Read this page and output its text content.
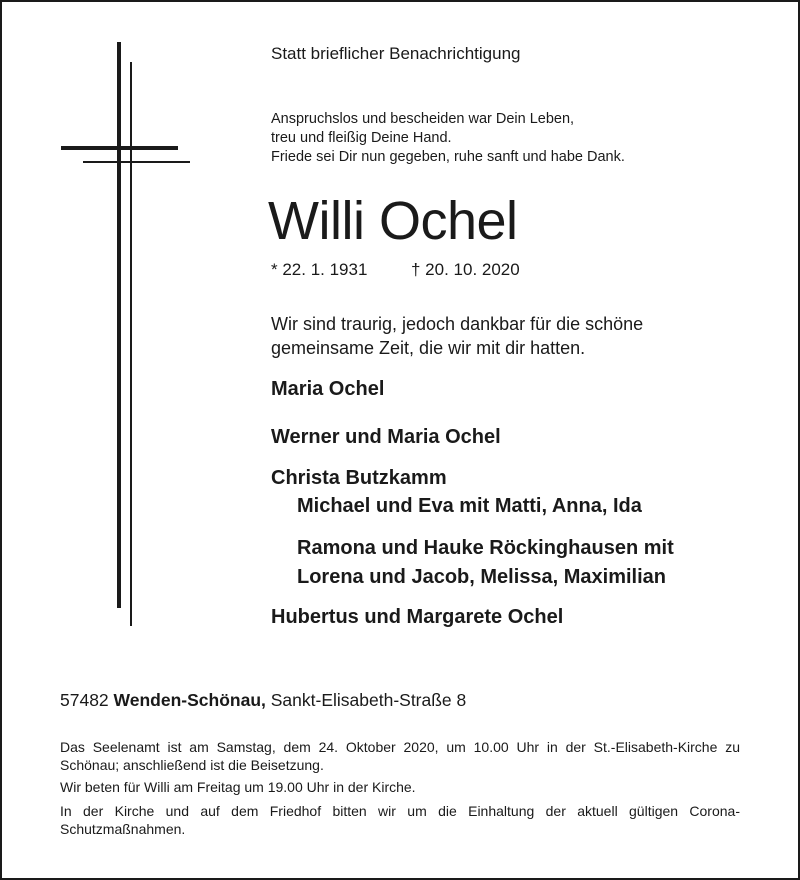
Statt brieflicher Benachrichtigung
Anspruchslos und bescheiden war Dein Leben,
treu und fleißig Deine Hand.
Friede sei Dir nun gegeben, ruhe sanft und habe Dank.
Willi Ochel
* 22. 1. 1931	† 20. 10. 2020
Wir sind traurig, jedoch dankbar für die schöne
gemeinsame Zeit, die wir mit dir hatten.
Maria Ochel
Werner und Maria Ochel
Christa Butzkamm
Michael und Eva mit Matti, Anna, Ida
Ramona und Hauke Röckinghausen mit
Lorena und Jacob, Melissa, Maximilian
Hubertus und Margarete Ochel
57482 Wenden-Schönau, Sankt-Elisabeth-Straße 8
Das Seelenamt ist am Samstag, dem 24. Oktober 2020, um 10.00 Uhr in der St.-Elisabeth-Kirche zu Schönau; anschließend ist die Beisetzung.
Wir beten für Willi am Freitag um 19.00 Uhr in der Kirche.
In der Kirche und auf dem Friedhof bitten wir um die Einhaltung der aktuell gültigen Corona-Schutzmaßnahmen.
